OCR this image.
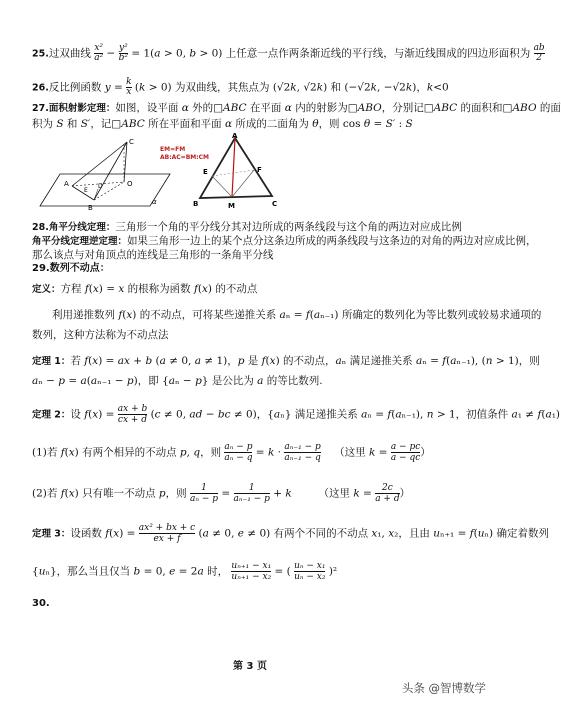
25.过双曲线 x²
a² − y²
b² = 1(a > 0, b > 0) 上任意一点作两条渐近线的平行线，与渐近线围成的四边形面积为 ab
2
26.反比例函数 y = k
x (k > 0) 为双曲线，其焦点为 (√2k, √2k) 和 (−√2k, −√2k)，k<0
27.面积射影定理：如图，设平面 α 外的□ABC 在平面 α 内的射影为□ABO，分别记□ABC 的面积和□ABO 的面
积为 S 和 S′，记□ABC 所在平面和平面 α 所成的二面角为 θ，则 cos θ = S′ : S
C
A	O
B
D
E
α
EM=FM
AB:AC=BM:CM
A
E	F
B	M	C
28.角平分线定理：三角形一个角的平分线分其对边所成的两条线段与这个角的两边对应成比例
角平分线定理逆定理：如果三角形一边上的某个点分这条边所成的两条线段与这条边的对角的两边对应成比例，
那么该点与对角顶点的连线是三角形的一条角平分线
29.数列不动点：
定义：方程 f(x) = x 的根称为函数 f(x) 的不动点
利用递推数列 f(x) 的不动点，可将某些递推关系 aₙ = f(aₙ₋₁) 所确定的数列化为等比数列或较易求通项的
数列，这种方法称为不动点法
定理 1：若 f(x) = ax + b (a ≠ 0, a ≠ 1)，p 是 f(x) 的不动点，aₙ 满足递推关系 aₙ = f(aₙ₋₁), (n > 1)，则
aₙ − p = a(aₙ₋₁ − p)，即 {aₙ − p} 是公比为 a 的等比数列.
定理 2：设 f(x) = ax + b
cx + d (c ≠ 0, ad − bc ≠ 0)，{aₙ} 满足递推关系 aₙ = f(aₙ₋₁), n > 1，初值条件 a₁ ≠ f(a₁)
(1)若 f(x) 有两个相异的不动点 p, q，则 aₙ − p
aₙ − q = k · aₙ₋₁ − p
aₙ₋₁ − q    （这里 k = a − pc
a − qc）
(2)若 f(x) 只有唯一不动点 p，则	1
aₙ − p =	1
aₙ₋₁ − p + k        （这里 k = 2c
a + d）
定理 3：设函数 f(x) = ax² + bx + c
ex + f (a ≠ 0, e ≠ 0) 有两个不同的不动点 x₁, x₂，且由 uₙ₊₁ = f(uₙ) 确定着数列
{uₙ}，那么当且仅当 b = 0, e = 2a 时， uₙ₊₁ − x₁
uₙ₊₁ − x₂ = ( uₙ − x₁
uₙ − x₂ )²
30.
第 3 页
头条 @智博数学
